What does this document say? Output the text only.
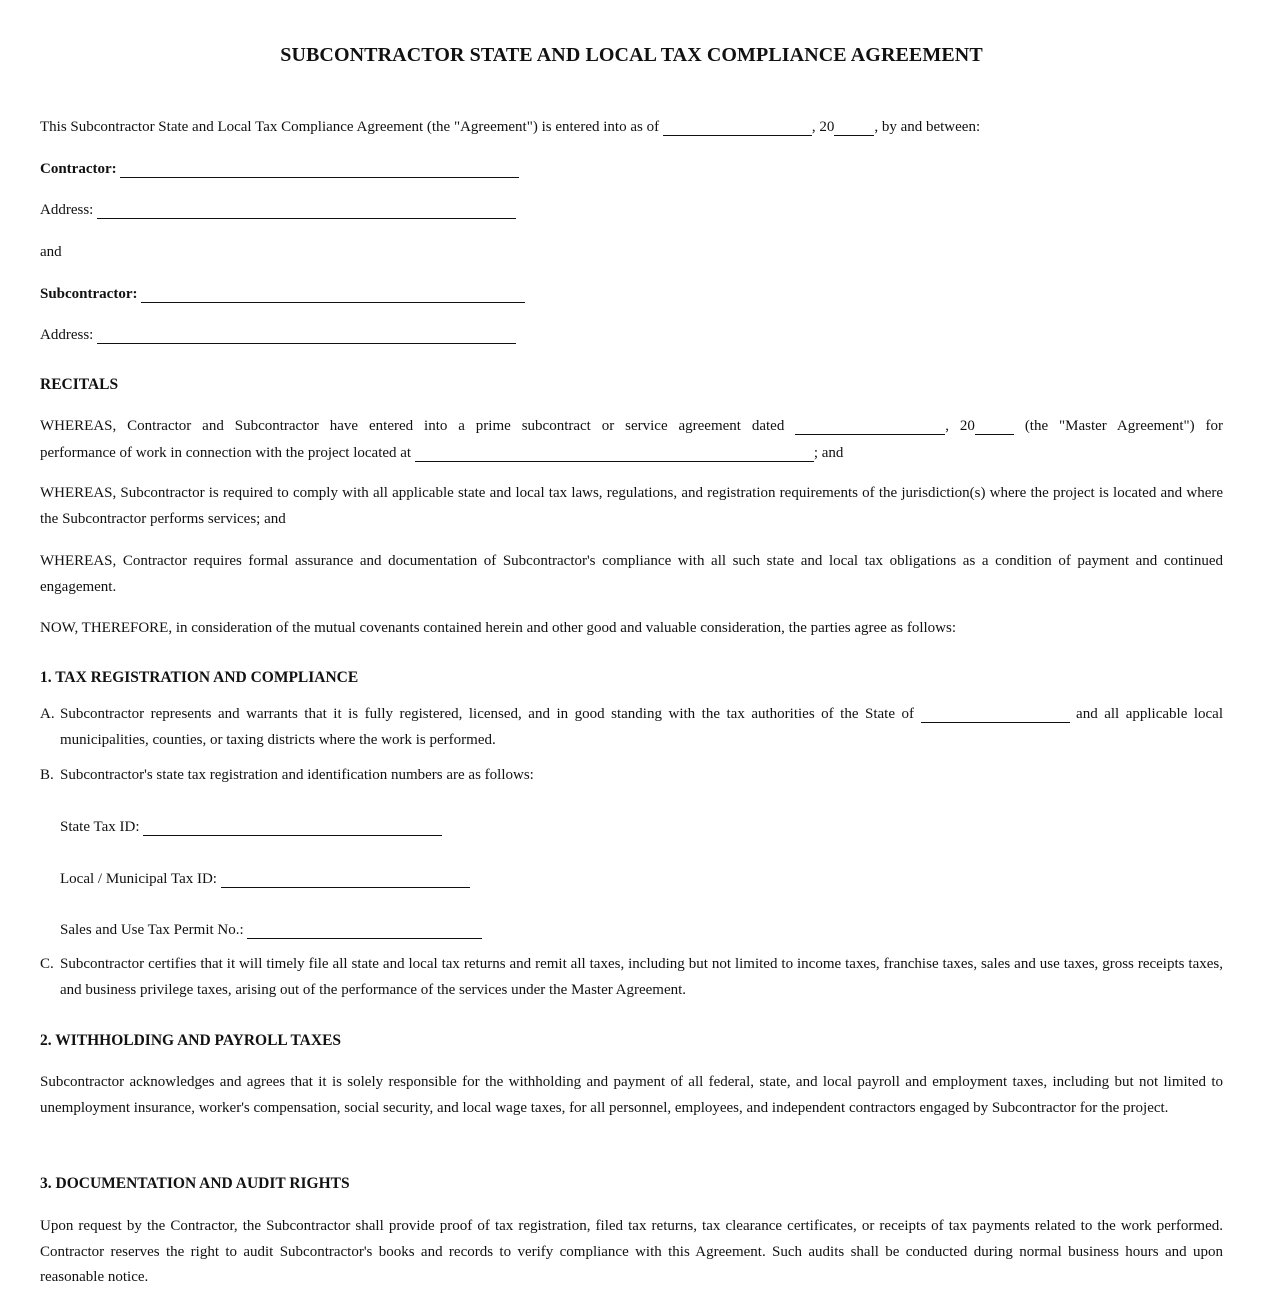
SUBCONTRACTOR STATE AND LOCAL TAX COMPLIANCE AGREEMENT
This Subcontractor State and Local Tax Compliance Agreement (the "Agreement") is entered into as of	, 20	, by and between:
Contractor:
Address:
and
Subcontractor:
Address:
RECITALS
WHEREAS, Contractor and Subcontractor have entered into a prime subcontract or service agreement dated	, 20	(the "Master Agreement") for
performance of work in connection with the project located at	; and
WHEREAS, Subcontractor is required to comply with all applicable state and local tax laws, regulations, and registration requirements of the jurisdiction(s) where the project is located and where the Subcontractor performs services; and
WHEREAS, Contractor requires formal assurance and documentation of Subcontractor's compliance with all such state and local tax obligations as a condition of payment and continued engagement.
NOW, THEREFORE, in consideration of the mutual covenants contained herein and other good and valuable consideration, the parties agree as follows:
1. TAX REGISTRATION AND COMPLIANCE
A. Subcontractor represents and warrants that it is fully registered, licensed, and in good standing with the tax authorities of the State of	and all applicable local municipalities, counties, or taxing districts where the work is performed.
B. Subcontractor's state tax registration and identification numbers are as follows:
State Tax ID:
Local / Municipal Tax ID:
Sales and Use Tax Permit No.:
C. Subcontractor certifies that it will timely file all state and local tax returns and remit all taxes, including but not limited to income taxes, franchise taxes, sales and use taxes, gross receipts taxes, and business privilege taxes, arising out of the performance of the services under the Master Agreement.
2. WITHHOLDING AND PAYROLL TAXES
Subcontractor acknowledges and agrees that it is solely responsible for the withholding and payment of all federal, state, and local payroll and employment taxes, including but not limited to unemployment insurance, worker's compensation, social security, and local wage taxes, for all personnel, employees, and independent contractors engaged by Subcontractor for the project.
3. DOCUMENTATION AND AUDIT RIGHTS
Upon request by the Contractor, the Subcontractor shall provide proof of tax registration, filed tax returns, tax clearance certificates, or receipts of tax payments related to the work performed. Contractor reserves the right to audit Subcontractor's books and records to verify compliance with this Agreement. Such audits shall be conducted during normal business hours and upon reasonable notice.
